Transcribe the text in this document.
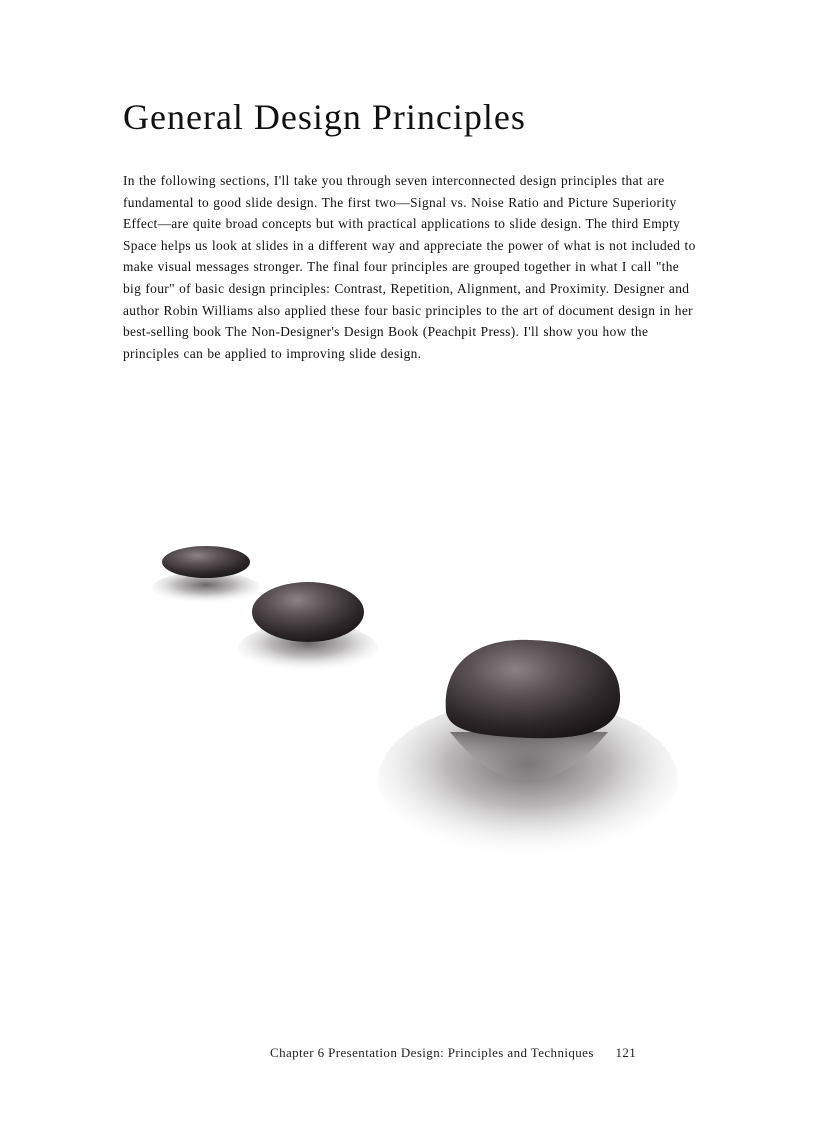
General Design Principles

In the following sections, I'll take you through seven interconnected design principles that are fundamental to good slide design. The first two—Signal vs. Noise Ratio and Picture Superiority Effect—are quite broad concepts but with practical applications to slide design. The third Empty Space helps us look at slides in a different way and appreciate the power of what is not included to make visual messages stronger. The final four principles are grouped together in what I call "the big four" of basic design principles: Contrast, Repetition, Alignment, and Proximity. Designer and author Robin Williams also applied these four basic principles to the art of document design in her best-selling book The Non-Designer's Design Book (Peachpit Press). I'll show you how the principles can be applied to improving slide design.

Chapter 6 Presentation Design: Principles and Techniques 121
